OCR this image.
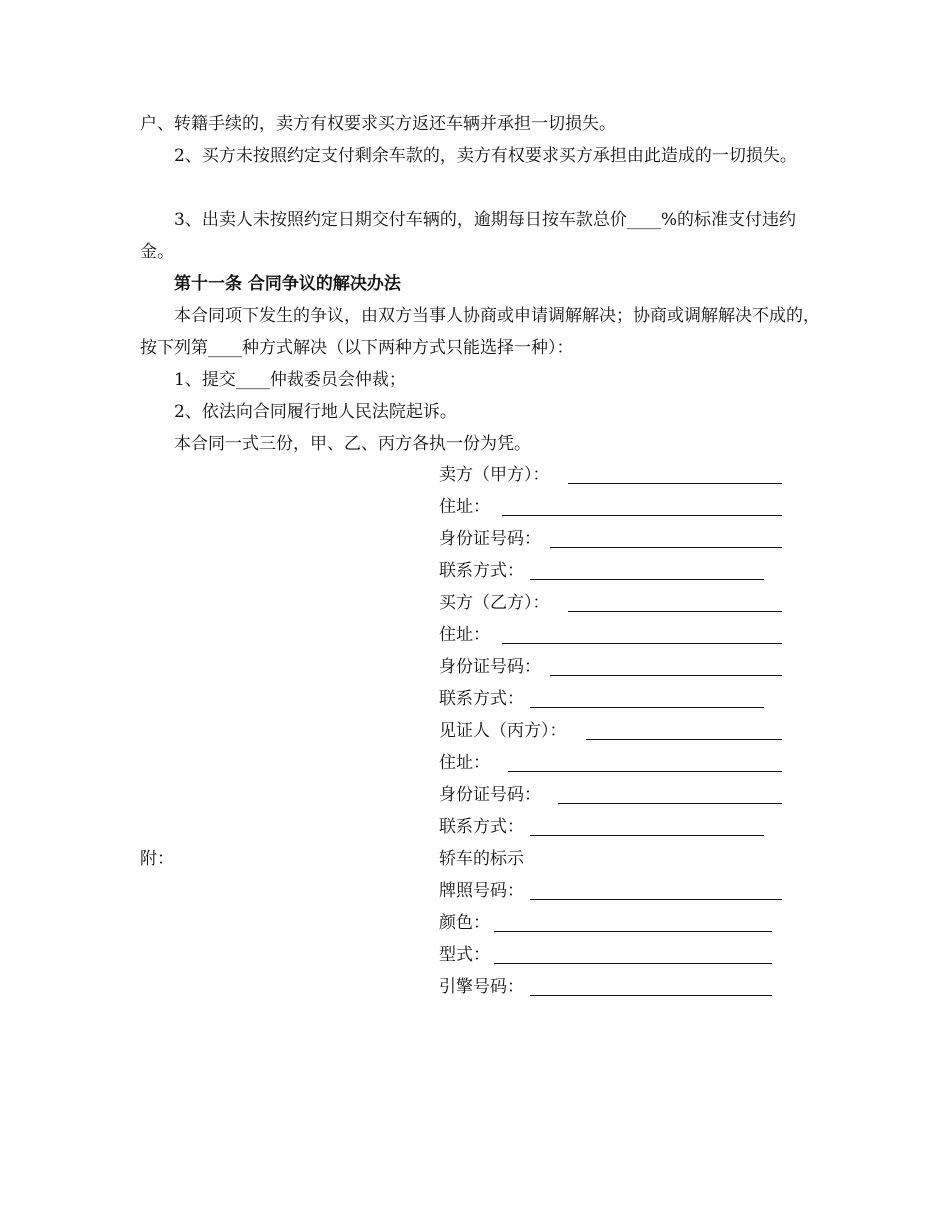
户、转籍手续的，卖方有权要求买方返还车辆并承担一切损失。

2、买方未按照约定支付剩余车款的，卖方有权要求买方承担由此造成的一切损失。

3、出卖人未按照约定日期交付车辆的，逾期每日按车款总价____%的标准支付违约金。

第十一条 合同争议的解决办法

本合同项下发生的争议，由双方当事人协商或申请调解解决；协商或调解解决不成的，按下列第____种方式解决（以下两种方式只能选择一种）：

1、提交____仲裁委员会仲裁；

2、依法向合同履行地人民法院起诉。

本合同一式三份，甲、乙、丙方各执一份为凭。

卖方（甲方）：
住址：
身份证号码：
联系方式：
买方（乙方）：
住址：
身份证号码：
联系方式：
见证人（丙方）：
住址：
身份证号码：
联系方式：
附：	轿车的标示
牌照号码：
颜色：
型式：
引擎号码：
